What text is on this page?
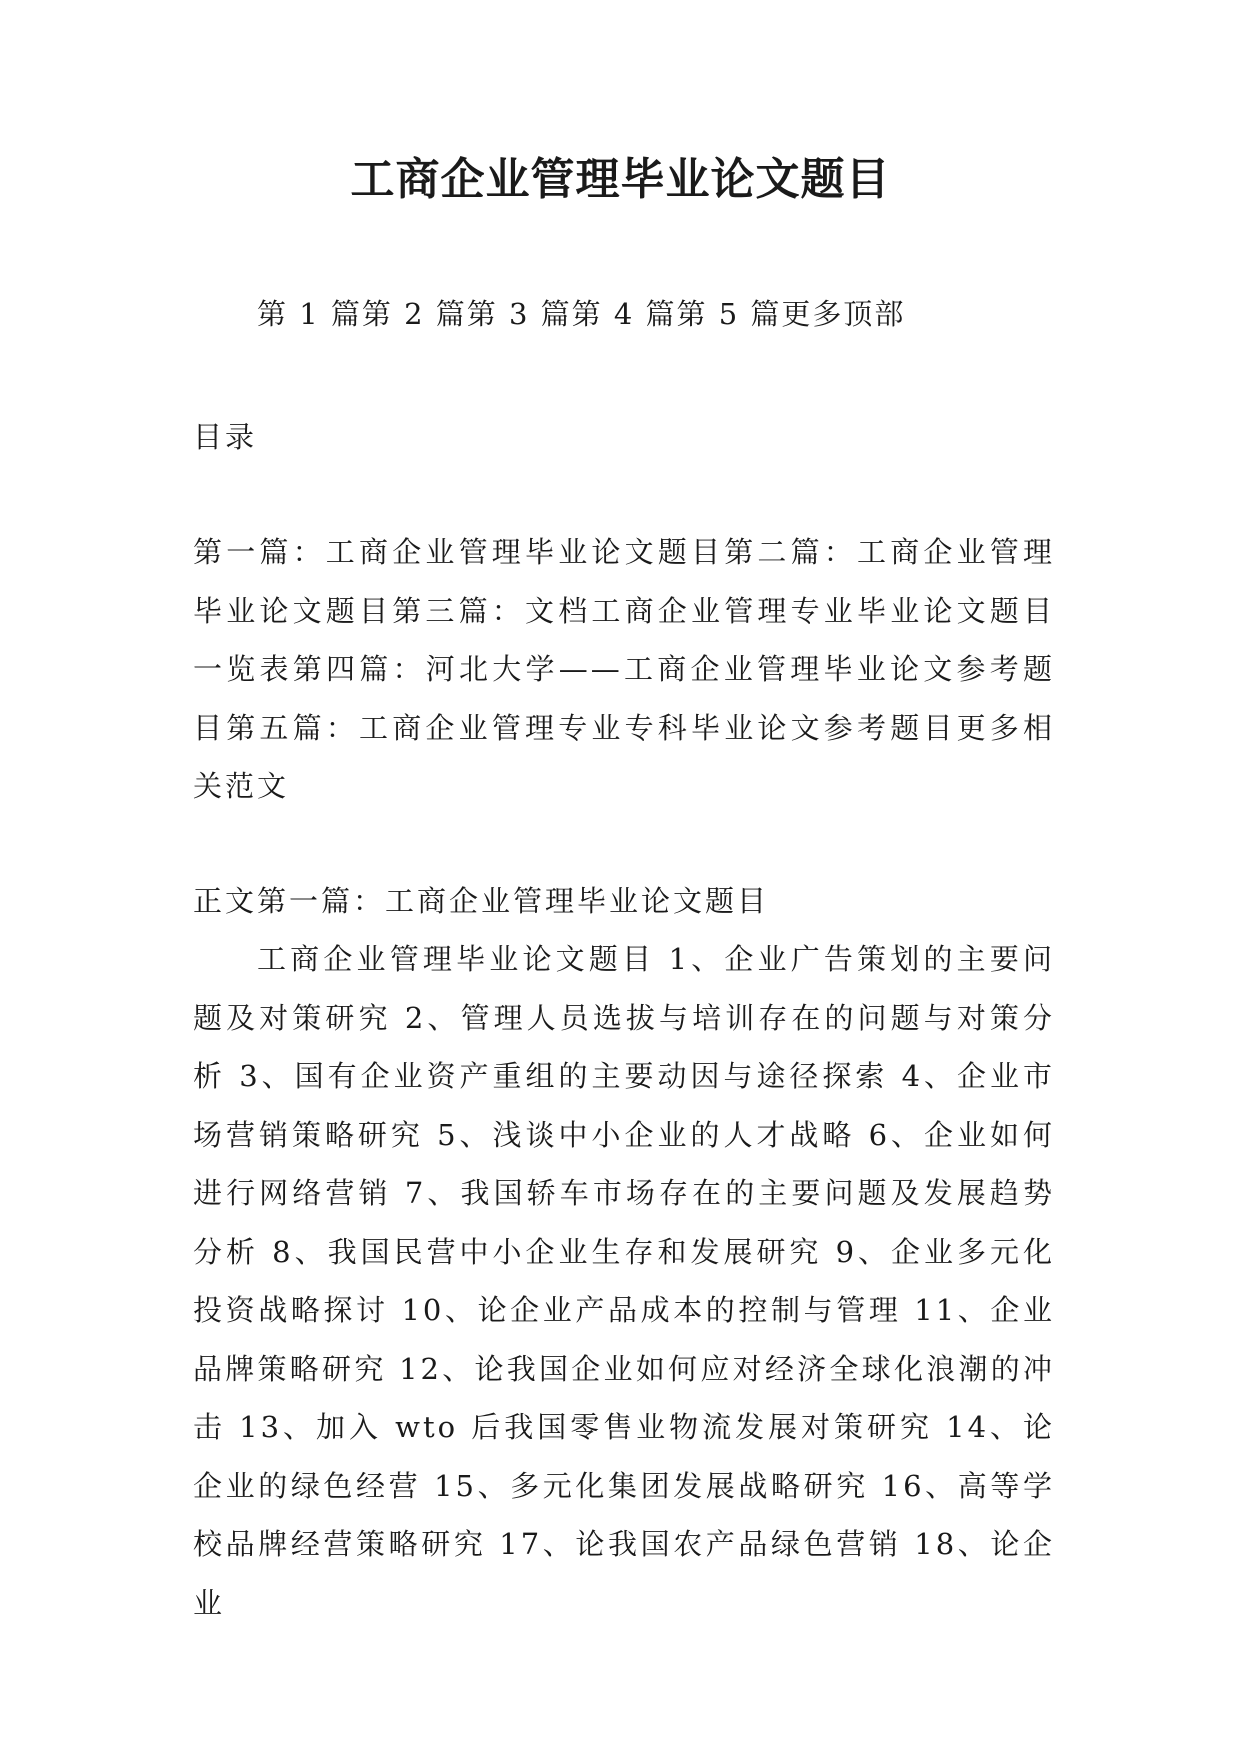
工商企业管理毕业论文题目
第 1 篇第 2 篇第 3 篇第 4 篇第 5 篇更多顶部
目录
第一篇：工商企业管理毕业论文题目第二篇：工商企业管理毕业论文题目第三篇：文档工商企业管理专业毕业论文题目一览表第四篇：河北大学——工商企业管理毕业论文参考题目第五篇：工商企业管理专业专科毕业论文参考题目更多相关范文
正文第一篇：工商企业管理毕业论文题目
工商企业管理毕业论文题目 1、企业广告策划的主要问题及对策研究 2、管理人员选拔与培训存在的问题与对策分析 3、国有企业资产重组的主要动因与途径探索 4、企业市场营销策略研究 5、浅谈中小企业的人才战略 6、企业如何进行网络营销 7、我国轿车市场存在的主要问题及发展趋势分析 8、我国民营中小企业生存和发展研究 9、企业多元化投资战略探讨 10、论企业产品成本的控制与管理 11、企业品牌策略研究 12、论我国企业如何应对经济全球化浪潮的冲击 13、加入 wto 后我国零售业物流发展对策研究 14、论企业的绿色经营 15、多元化集团发展战略研究 16、高等学校品牌经营策略研究 17、论我国农产品绿色营销 18、论企业
